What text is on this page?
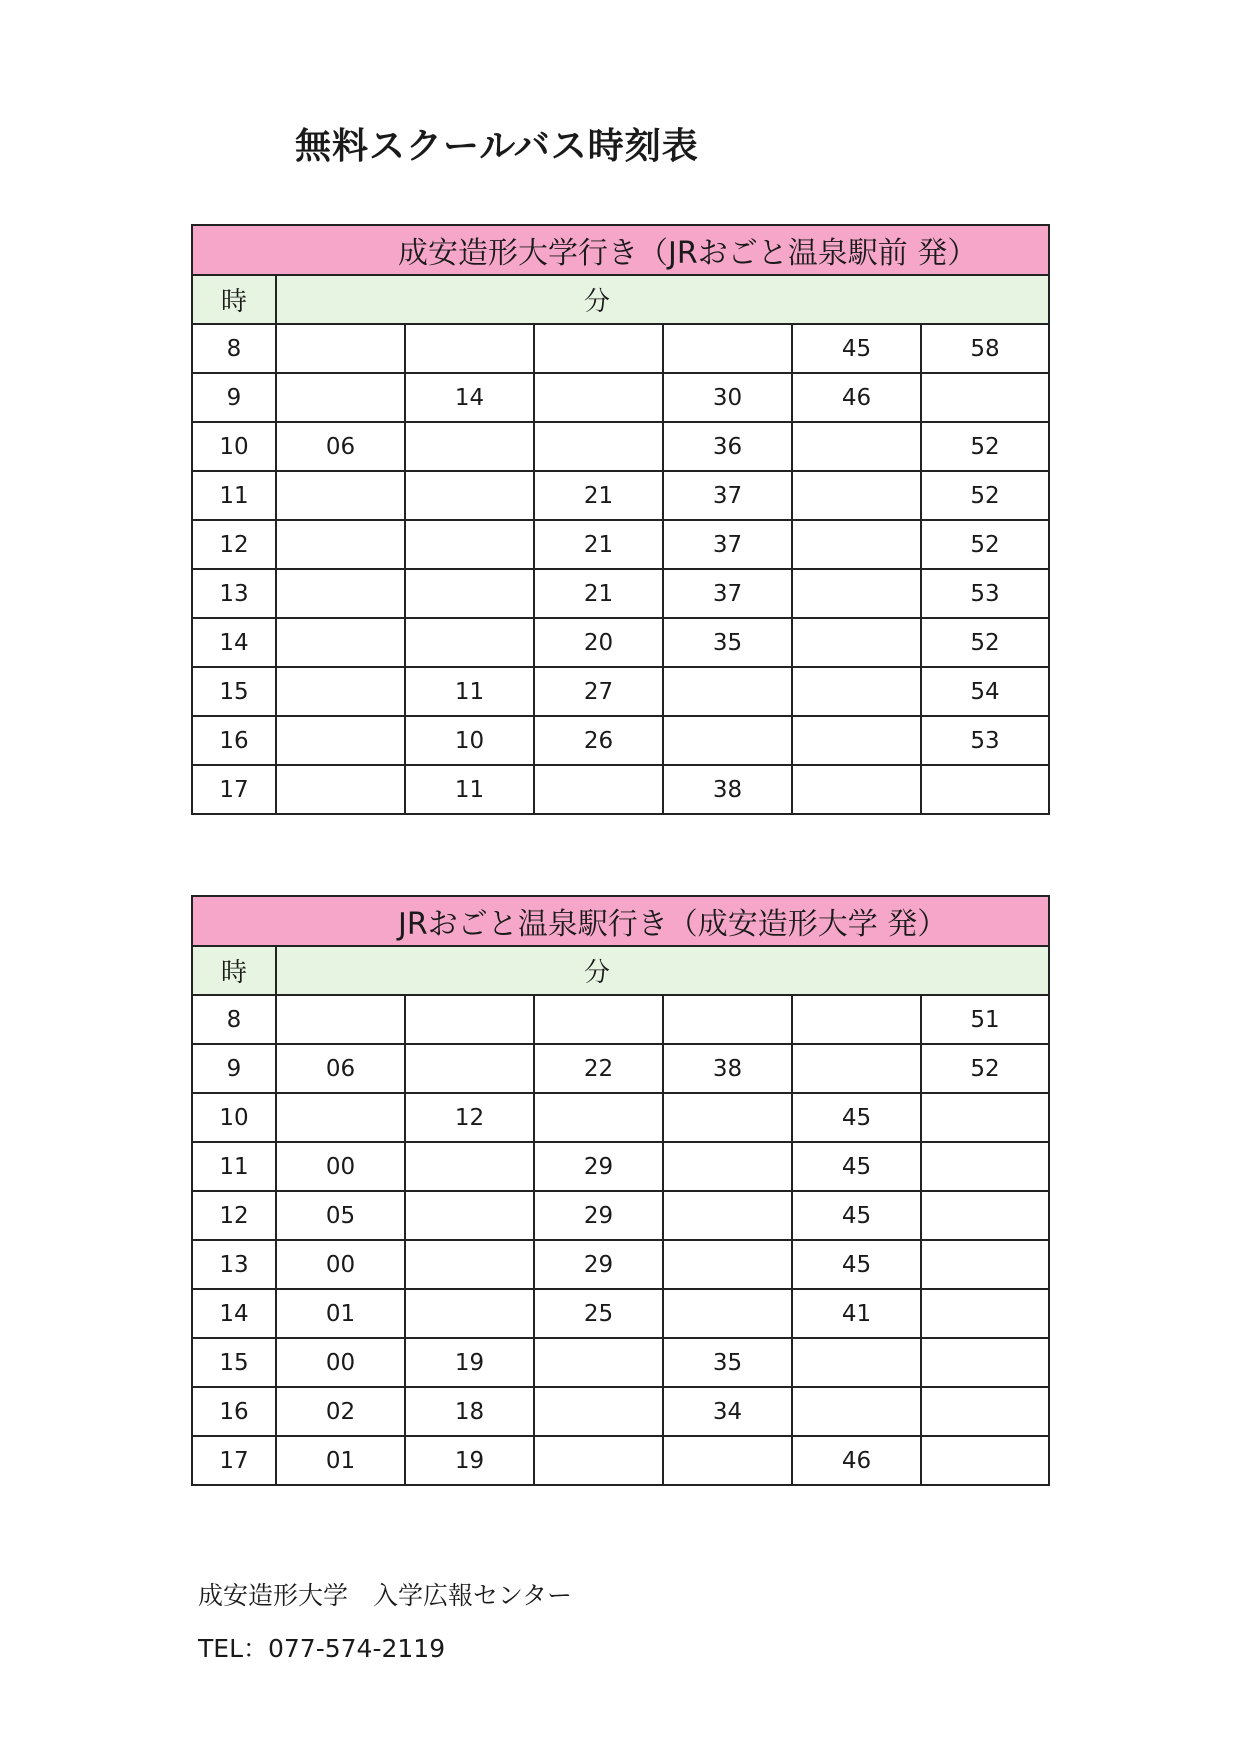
無料スクールバス時刻表
成安造形大学行き（JRおごと温泉駅前 発）						
時	分					
8					45	58
9		14		30	46	
10	06			36		52
11			21	37		52
12			21	37		52
13			21	37		53
14			20	35		52
15		11	27			54
16		10	26			53
17		11		38		
JRおごと温泉駅行き（成安造形大学 発）						
時	分					
8						51
9	06		22	38		52
10		12			45	
11	00		29		45	
12	05		29		45	
13	00		29		45	
14	01		25		41	
15	00	19		35		
16	02	18		34		
17	01	19			46	
成安造形大学　入学広報センター
TEL：077-574-2119
